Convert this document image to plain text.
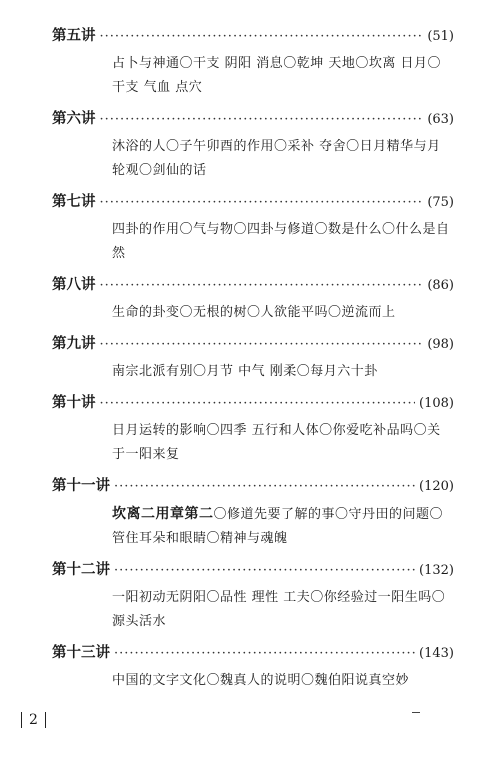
第五讲 ·····	(51)
占卜与神通〇干支 阴阳 消息〇乾坤 天地〇坎离 日月〇干支 气血 点穴
第六讲 ·····	(63)
沐浴的人〇子午卯酉的作用〇采补 夺舍〇日月精华与月轮观〇剑仙的话
第七讲 ·····	(75)
四卦的作用〇气与物〇四卦与修道〇数是什么〇什么是自然
第八讲 ·····	(86)
生命的卦变〇无根的树〇人欲能平吗〇逆流而上
第九讲 ·····	(98)
南宗北派有别〇月节 中气 刚柔〇每月六十卦
第十讲 ·····	(108)
日月运转的影响〇四季 五行和人体〇你爱吃补品吗〇关于一阳来复
第十一讲 ·····	(120)
坎离二用章第二〇修道先要了解的事〇守丹田的问题〇管住耳朵和眼睛〇精神与魂魄
第十二讲 ·····	(132)
一阳初动无阴阳〇品性 理性 工夫〇你经验过一阳生吗〇源头活水
第十三讲 ·····	(143)
中国的文字文化〇魏真人的说明〇魏伯阳说真空妙
2
